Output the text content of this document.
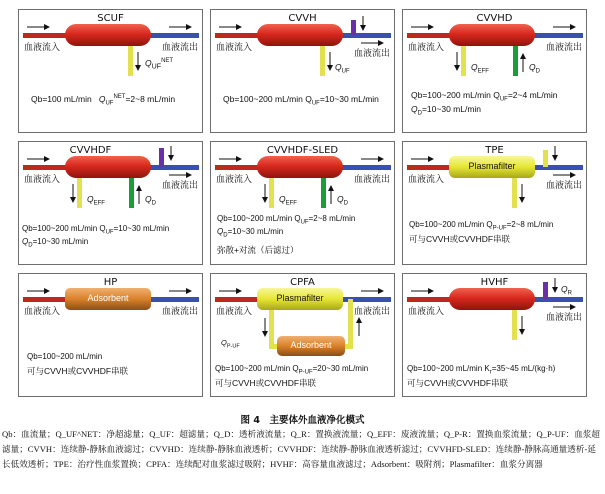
SCUF
血液流入	血液流出
$Q_{UF}^{NET}$
Qb=100 mL/min $Q_{UF}^{NET}=2\sim 8$ mL/min
CVVH
血液流入
血液流出
$Q_{UF}$
Qb=100~200 mL/min $Q_{UF}=10\sim 30$ mL/min
CVVHD
血液流入	血液流出
$Q_{EFF}$	$Q_D$
Qb=100~200 mL/min $Q_{UF}=2\sim 4$ mL/min
$Q_D=10\sim 30$ mL/min
CVVHDF
血液流入
血液流出
$Q_{EFF}$	$Q_D$
Qb=100~200 mL/min $Q_{UF}=10\sim 30$ mL/min
$Q_D=10\sim 30$ mL/min
CVVHDF-SLED
血液流入	血液流出
$Q_{EFF}$	$Q_D$
Qb=100~200 mL/min $Q_{UF}=2\sim 8$ mL/min
$Q_D=10\sim 30$ mL/min
弥散+对流（后滤过）
TPE
Plasmafilter
血液流入
血液流出
Qb=100~200 mL/min $Q_{P-UF}=2\sim 8$ mL/min
可与CVVH或CVVHDF串联
HP
Adsorbent
血液流入	血液流出
Qb=100~200 mL/min
可与CVVH或CVVHDF串联
CPFA
Plasmafilter
Adsorbent
血液流入	血液流出
$Q_{P-UF}$
Qb=100~200 mL/min $Q_{P-UF}=20\sim 30$ mL/min
可与CVVH或CVVHDF串联
HVHF
$Q_R$
血液流入
血液流出
Qb=100~200 mL/min $K_r=35\sim 45$ mL/(kg·h)
可与CVVH或CVVHDF串联
图 4　主要体外血液净化模式
Qb：血流量；Q_UF^NET：净超滤量；Q_UF：超滤量；Q_D：透析液流量；Q_R：置换液流量；Q_EFF：废液流量；Q_P-R：置换血浆流量；Q_P-UF：血浆超滤量；CVVH：连续静-静脉血液滤过；CVVHD：连续静-静脉血液透析；CVVHDF：连续静-静脉血液透析滤过；CVVHFD-SLED：连续静-静脉高通量透析-延长低效透析；TPE：治疗性血浆置换；CPFA：连续配对血浆滤过吸附；HVHF：高容量血液滤过；Adsorbent：吸附剂；Plasmafilter：血浆分离器
